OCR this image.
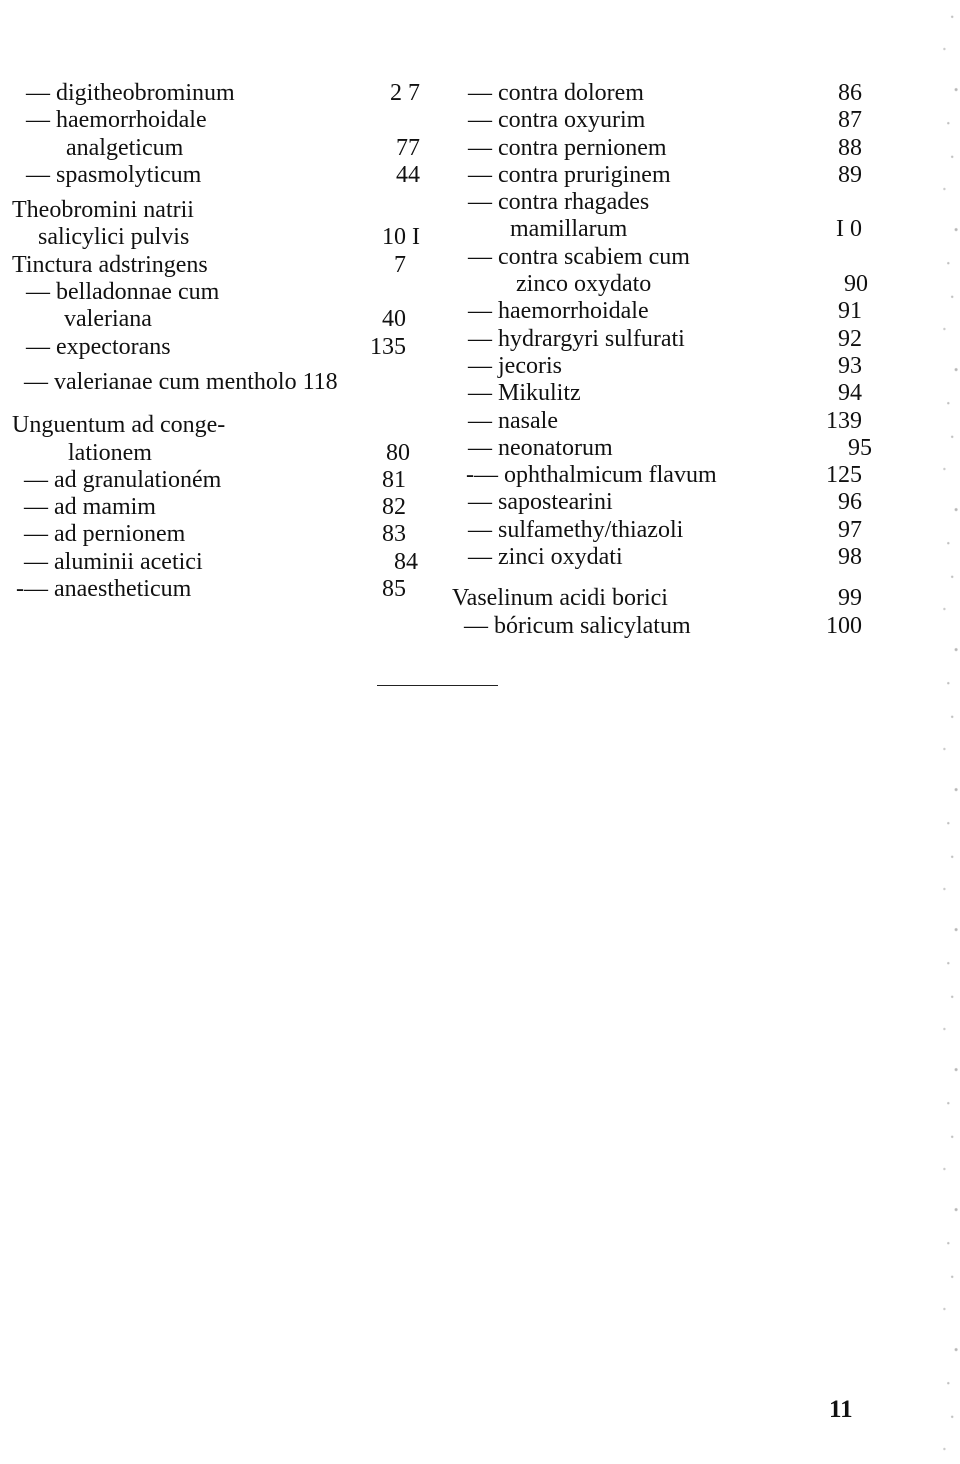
— digitheobrominum	2 7
— haemorrhoidale
analgeticum	77
— spasmolyticum	44
Theobromini natrii
salicylici pulvis	10 I
Tinctura adstringens	7
— belladonnae cum
valeriana	40
— expectorans	135
— valerianae cum mentholo 118
Unguentum ad conge-
lationem	80
— ad granulationém	81
— ad mamim	82
— ad pernionem	83
— aluminii acetici	84
-— anaestheticum	85
— contra dolorem	86
— contra oxyurim	87
— contra pernionem	88
— contra pruriginem	89
— contra rhagades
mamillarum	I 0
— contra scabiem cum
zinco oxydato	90
— haemorrhoidale	91
— hydrargyri sulfurati	92
— jecoris	93
— Mikulitz	94
— nasale	139
— neonatorum	95
-— ophthalmicum flavum	125
— sapostearini	96
— sulfamethy/thiazoli	97
— zinci oxydati	98
Vaselinum acidi borici	99
— bóricum salicylatum	100
11
